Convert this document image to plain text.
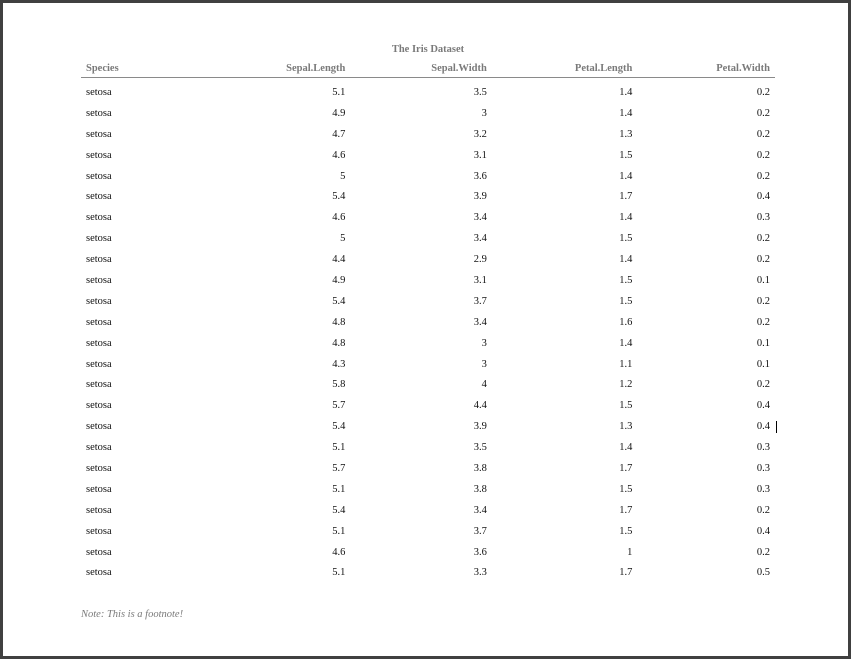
The Iris Dataset
Species	Sepal.Length	Sepal.Width	Petal.Length	Petal.Width
setosa	5.1	3.5	1.4	0.2
setosa	4.9	3	1.4	0.2
setosa	4.7	3.2	1.3	0.2
setosa	4.6	3.1	1.5	0.2
setosa	5	3.6	1.4	0.2
setosa	5.4	3.9	1.7	0.4
setosa	4.6	3.4	1.4	0.3
setosa	5	3.4	1.5	0.2
setosa	4.4	2.9	1.4	0.2
setosa	4.9	3.1	1.5	0.1
setosa	5.4	3.7	1.5	0.2
setosa	4.8	3.4	1.6	0.2
setosa	4.8	3	1.4	0.1
setosa	4.3	3	1.1	0.1
setosa	5.8	4	1.2	0.2
setosa	5.7	4.4	1.5	0.4
setosa	5.4	3.9	1.3	0.4
setosa	5.1	3.5	1.4	0.3
setosa	5.7	3.8	1.7	0.3
setosa	5.1	3.8	1.5	0.3
setosa	5.4	3.4	1.7	0.2
setosa	5.1	3.7	1.5	0.4
setosa	4.6	3.6	1	0.2
setosa	5.1	3.3	1.7	0.5
Note: This is a footnote!
